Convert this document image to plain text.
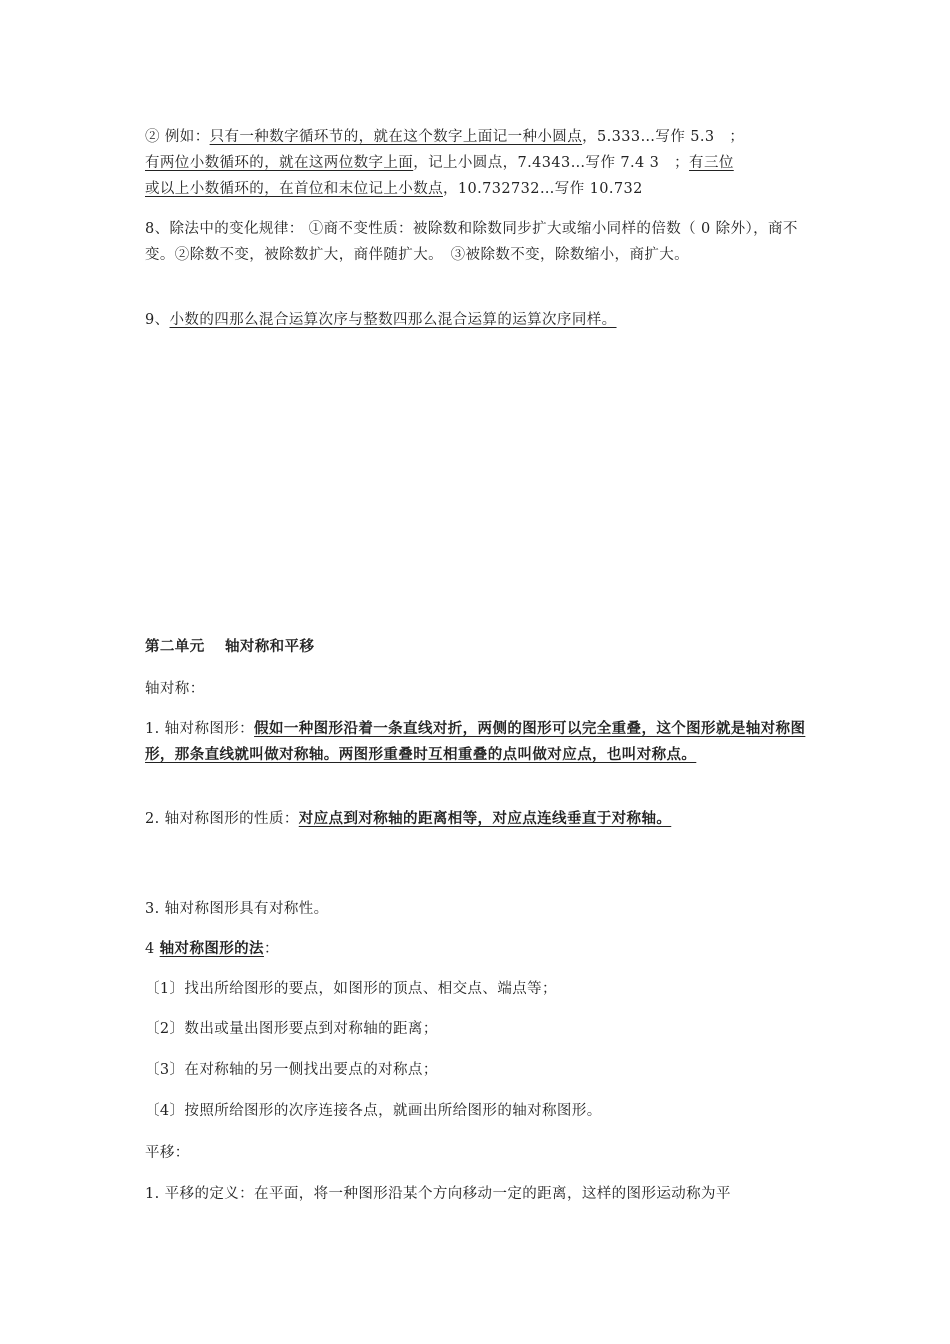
② 例如：只有一种数字循环节的，就在这个数字上面记一种小圆点，5.333…写作 5.3　；
有两位小数循环的，就在这两位数字上面，记上小圆点，7.4343…写作 7.4 3　；有三位
或以上小数循环的，在首位和末位记上小数点，10.732732…写作 10.732
8、除法中的变化规律： ①商不变性质：被除数和除数同步扩大或缩小同样的倍数（ 0 除外），商不变。②除数不变，被除数扩大，商伴随扩大。　③被除数不变，除数缩小，商扩大。
9、小数的四那么混合运算次序与整数四那么混合运算的运算次序同样。
第二单元　 轴对称和平移
轴对称：
1. 轴对称图形：假如一种图形沿着一条直线对折，两侧的图形可以完全重叠，这个图形就是轴对称图形，那条直线就叫做对称轴。两图形重叠时互相重叠的点叫做对应点，也叫对称点。
2. 轴对称图形的性质：对应点到对称轴的距离相等，对应点连线垂直于对称轴。
3. 轴对称图形具有对称性。
4 轴对称图形的法：
〔1〕找出所给图形的要点，如图形的顶点、相交点、端点等；
〔2〕数出或量出图形要点到对称轴的距离；
〔3〕在对称轴的另一侧找出要点的对称点；
〔4〕按照所给图形的次序连接各点，就画出所给图形的轴对称图形。
平移：
1. 平移的定义：在平面，将一种图形沿某个方向移动一定的距离，这样的图形运动称为平
